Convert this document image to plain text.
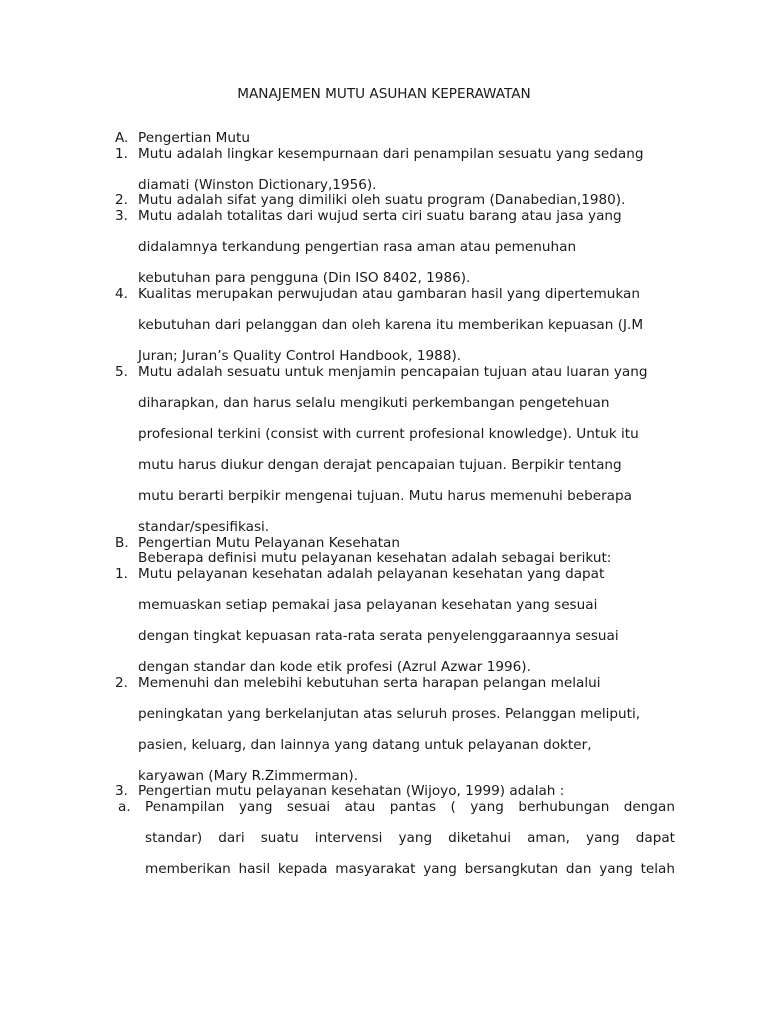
MANAJEMEN MUTU ASUHAN KEPERAWATAN
A. Pengertian Mutu
1. Mutu adalah lingkar kesempurnaan dari penampilan sesuatu yang sedang
diamati (Winston Dictionary,1956).
2. Mutu adalah sifat yang dimiliki oleh suatu program (Danabedian,1980).
3. Mutu adalah totalitas dari wujud serta ciri suatu barang atau jasa yang
didalamnya terkandung pengertian rasa aman atau pemenuhan
kebutuhan para pengguna (Din ISO 8402, 1986).
4. Kualitas merupakan perwujudan atau gambaran hasil yang dipertemukan
kebutuhan dari pelanggan dan oleh karena itu memberikan kepuasan (J.M
Juran; Juran’s Quality Control Handbook, 1988).
5. Mutu adalah sesuatu untuk menjamin pencapaian tujuan atau luaran yang
diharapkan, dan harus selalu mengikuti perkembangan pengetehuan
profesional terkini (consist with current profesional knowledge). Untuk itu
mutu harus diukur dengan derajat pencapaian tujuan. Berpikir tentang
mutu berarti berpikir mengenai tujuan. Mutu harus memenuhi beberapa
standar/spesifikasi.
B. Pengertian Mutu Pelayanan Kesehatan
Beberapa definisi mutu pelayanan kesehatan adalah sebagai berikut:
1. Mutu pelayanan kesehatan adalah pelayanan kesehatan yang dapat
memuaskan setiap pemakai jasa pelayanan kesehatan yang sesuai
dengan tingkat kepuasan rata-rata serata penyelenggaraannya sesuai
dengan standar dan kode etik profesi (Azrul Azwar 1996).
2. Memenuhi dan melebihi kebutuhan serta harapan pelangan melalui
peningkatan yang berkelanjutan atas seluruh proses. Pelanggan meliputi,
pasien, keluarg, dan lainnya yang datang untuk pelayanan dokter,
karyawan (Mary R.Zimmerman).
3. Pengertian mutu pelayanan kesehatan (Wijoyo, 1999) adalah :
a. Penampilan yang sesuai atau pantas ( yang berhubungan dengan
standar) dari suatu intervensi yang diketahui aman, yang dapat
memberikan hasil kepada masyarakat yang bersangkutan dan yang telah
